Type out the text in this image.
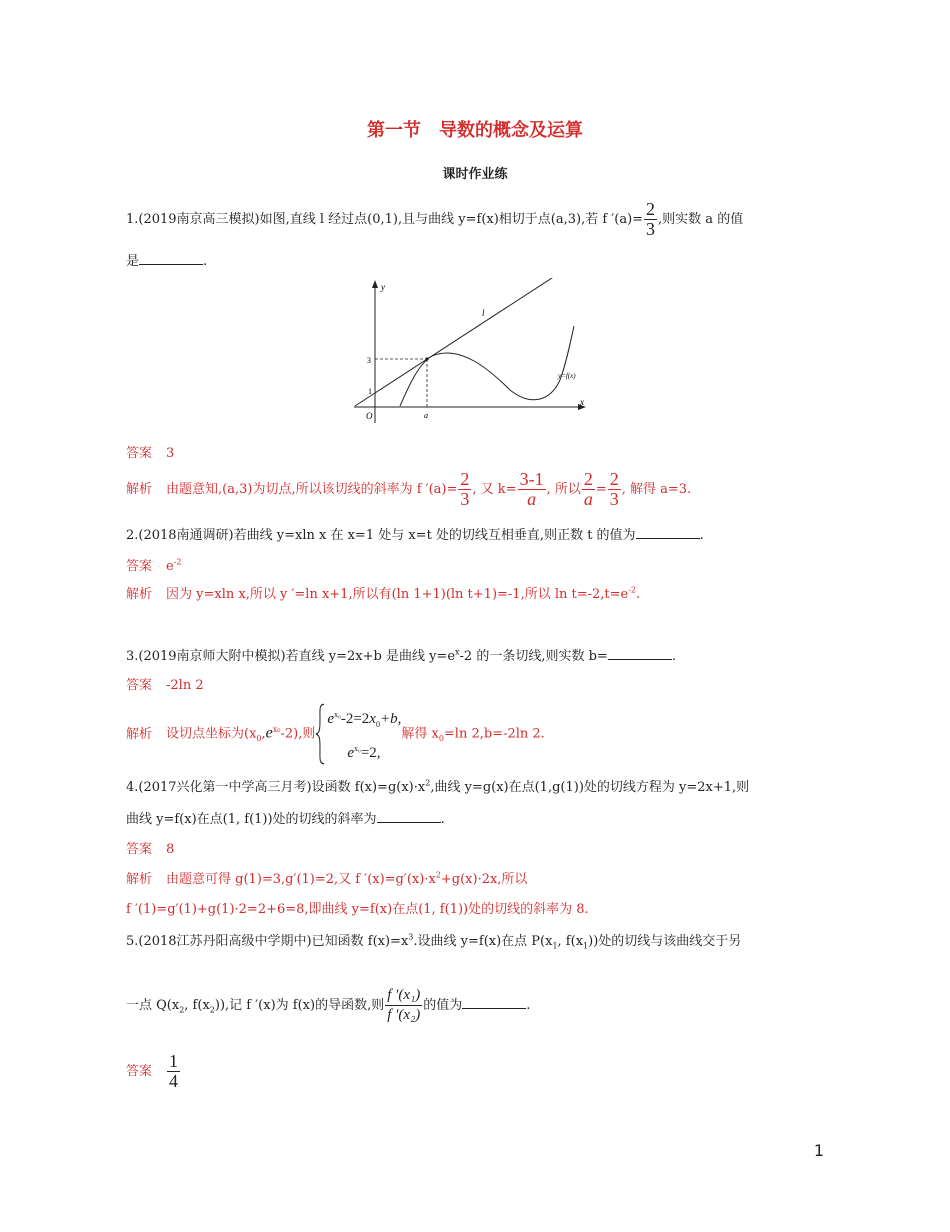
第一节　导数的概念及运算
课时作业练
1.(2019南京高三模拟)如图,直线 l 经过点(0,1),且与曲线 y=f(x)相切于点(a,3),若 f $'(a)= \frac{2}{3}$ ,则实数 a 的值
是	.
y
x
O
3
1
a
l
y=f(x)
答案 3
解析 由题意知,(a,3)为切点,所以该切线的斜率为 f $'(a)= \frac{2}{3}$ , 又 $k= \frac{3-1}{a}$ , 所以 $\frac{2}{a} = \frac{2}{3}$ , 解得 a=3.
2.(2018南通调研)若曲线 y=xln x 在 x=1 处与 x=t 处的切线互相垂直,则正数 t 的值为	.
答案 $e^{-2}$
解析 因为 y=xln x,所以 y ′=ln x+1,所以有(ln 1+1)(ln t+1)=-1,所以 $\ln t=-2,t=e^{-2}$.
3.(2019南京师大附中模拟)若直线 y=2x+b 是曲线 $y=e^x-2$ 的一条切线,则实数 b=	.
答案 -2ln 2
解析 设切点坐标为$(x_0,e^{x_0}-2)$,则
$e^{x_0}-2=2x_0+b$,
$e^{x_0}=2$,
解得 $x_0=\ln$ 2,b=-2ln 2.
4.(2017兴化第一中学高三月考)设函数 $f(x)=g(x)\cdot x^2$,曲线 y=g(x)在点(1,g(1))处的切线方程为 y=2x+1,则
曲线 y=f(x)在点(1, f(1))处的切线的斜率为	.
答案 8
解析 由题意可得 g(1)=3,g′(1)=2,又 f $'(x)=g'(x)\cdot x^2+g(x)\cdot 2x$,所以
f ′(1)=g′(1)+g(1)·2=2+6=8,即曲线 y=f(x)在点(1, f(1))处的切线的斜率为 8.
5.(2018江苏丹阳高级中学期中)已知函数 $f(x)=x^3$.设曲线 y=f(x)在点 $P(x_1$, $f(x_1)$)处的切线与该曲线交于另
一点 $Q(x_2$, $f(x_2)$),记 f ′(x)为 f(x)的导函数,则 $\frac{\text{f ′(x₁)}}{\text{f ′(x₂)}}$ 的值为	.
答案 $\frac{1}{4}$
1
